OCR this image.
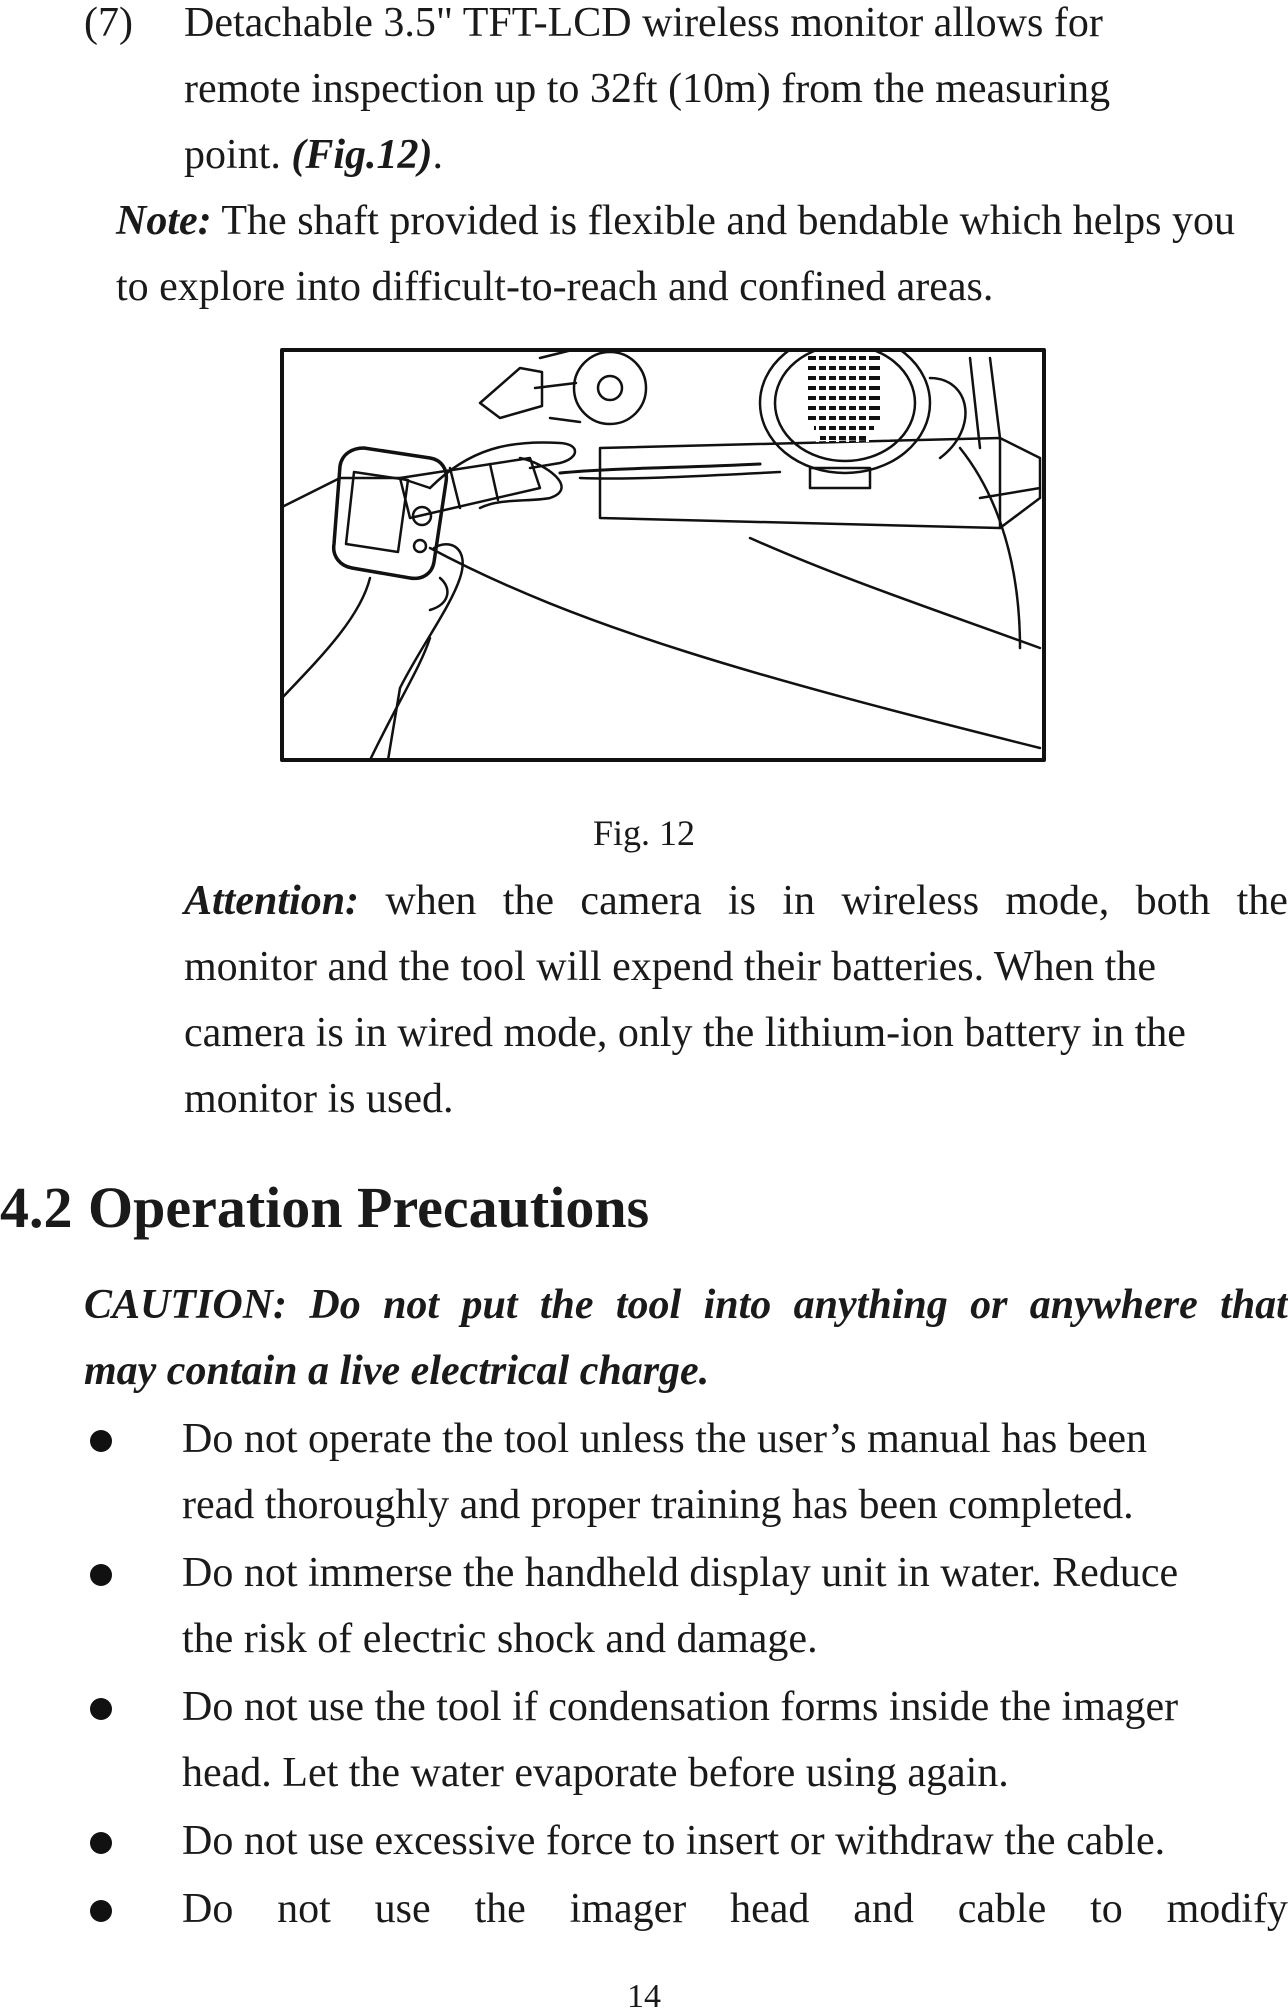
(7) Detachable 3.5" TFT-LCD wireless monitor allows for
remote inspection up to 32ft (10m) from the measuring
point. (Fig.12).
Note: The shaft provided is flexible and bendable which helps you
to explore into difficult-to-reach and confined areas.
Fig. 12
Attention: when the camera is in wireless mode, both the
monitor and the tool will expend their batteries. When the
camera is in wired mode, only the lithium-ion battery in the
monitor is used.
4.2 Operation Precautions
CAUTION: Do not put the tool into anything or anywhere that
may contain a live electrical charge.
Do not operate the tool unless the user’s manual has been
read thoroughly and proper training has been completed.
Do not immerse the handheld display unit in water. Reduce
the risk of electric shock and damage.
Do not use the tool if condensation forms inside the imager
head. Let the water evaporate before using again.
Do not use excessive force to insert or withdraw the cable.
Do not use the imager head and cable to modify
14
